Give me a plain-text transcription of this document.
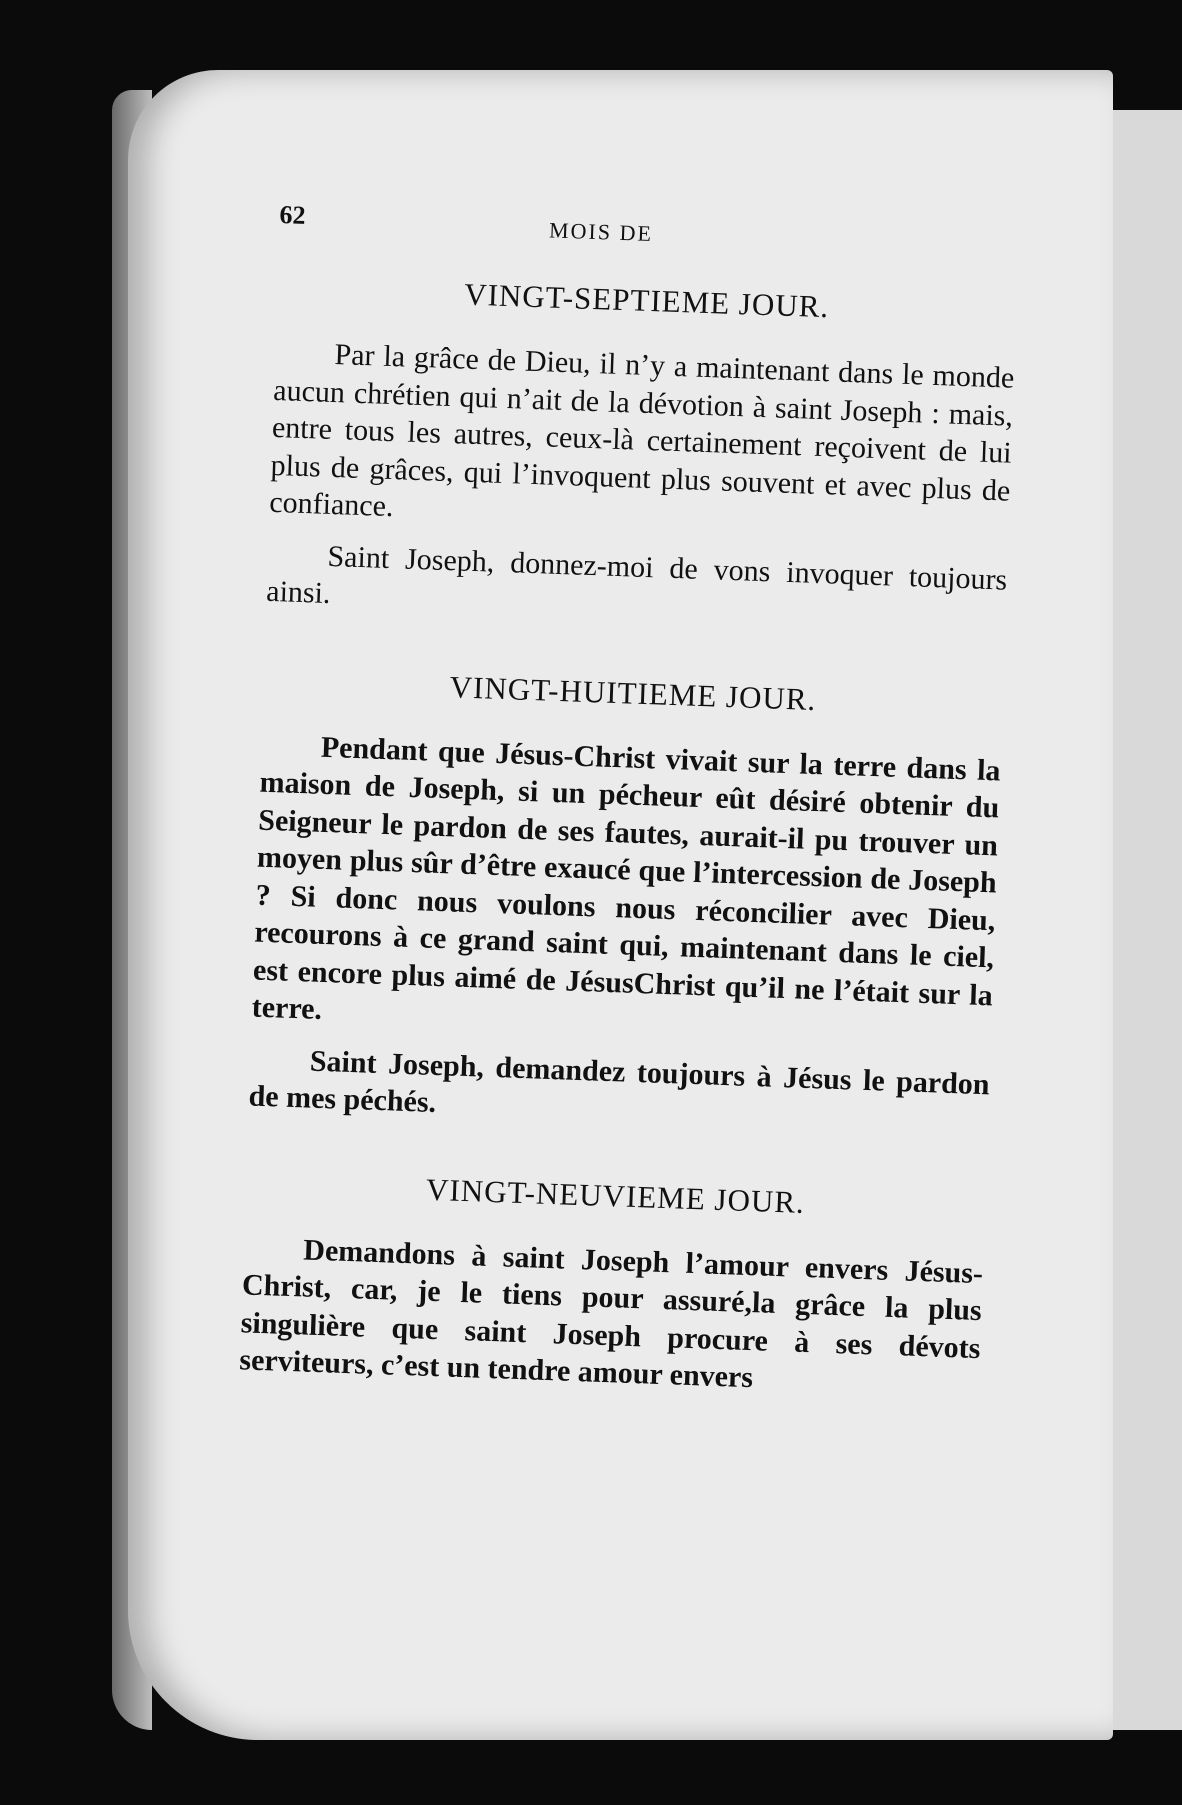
62
MOIS DE
VINGT-SEPTIEME JOUR.

Par la grâce de Dieu, il n’y a maintenant dans le monde aucun chrétien qui n’ait de la dévotion à saint Joseph : mais, entre tous les autres, ceux-là certainement reçoivent de lui plus de grâces, qui l’invoquent plus souvent et avec plus de confiance.

Saint Joseph, donnez-moi de vons invoquer toujours ainsi.

VINGT-HUITIEME JOUR.

Pendant que Jésus-Christ vivait sur la terre dans la maison de Joseph, si un pécheur eût désiré obtenir du Seigneur le pardon de ses fautes, aurait-il pu trouver un moyen plus sûr d’être exaucé que l’intercession de Joseph ? Si donc nous voulons nous réconcilier avec Dieu, recourons à ce grand saint qui, maintenant dans le ciel, est encore plus aimé de JésusChrist qu’il ne l’était sur la terre.

Saint Joseph, demandez toujours à Jésus le pardon de mes péchés.

VINGT-NEUVIEME JOUR.

Demandons à saint Joseph l’amour envers Jésus-Christ, car, je le tiens pour assuré,la grâce la plus singulière que saint Joseph procure à ses dévots serviteurs, c’est un tendre amour envers
